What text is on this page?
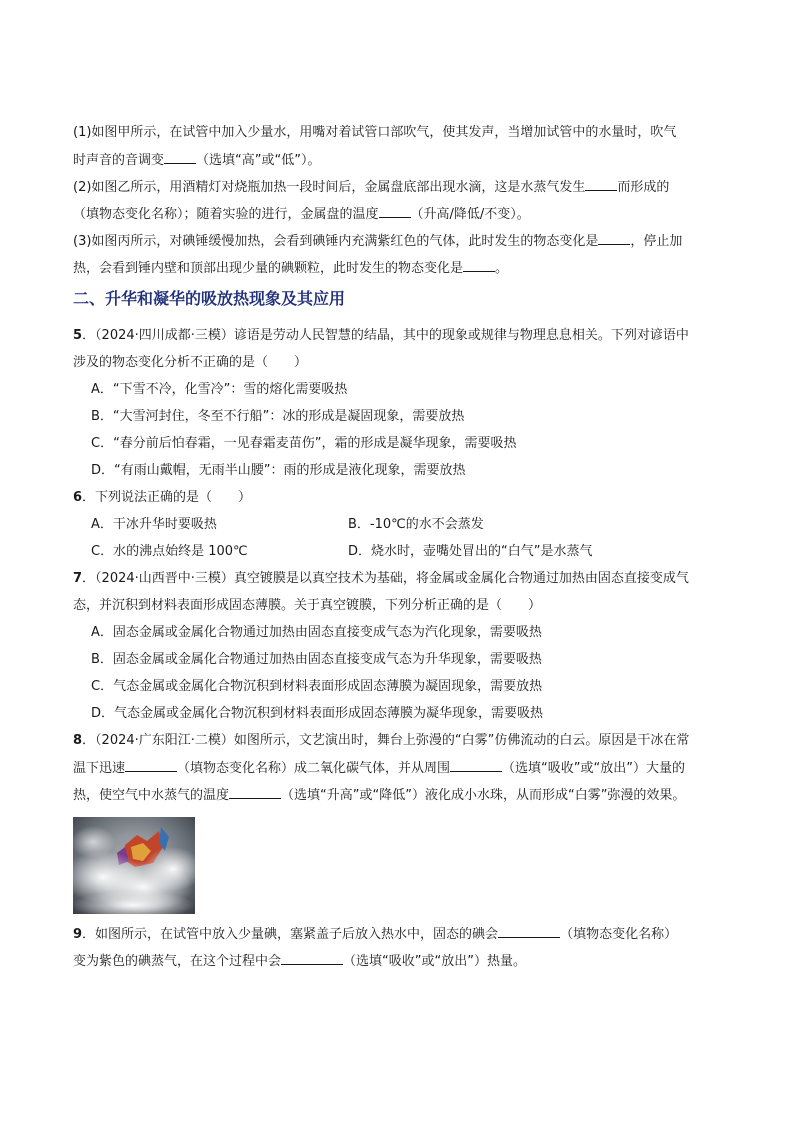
(1)如图甲所示，在试管中加入少量水，用嘴对着试管口部吹气，使其发声，当增加试管中的水量时，吹气
时声音的音调变 （选填“高”或“低”）。
(2)如图乙所示，用酒精灯对烧瓶加热一段时间后，金属盘底部出现水滴，这是水蒸气发生 而形成的
（填物态变化名称）；随着实验的进行，金属盘的温度 （升高/降低/不变）。
(3)如图丙所示，对碘锤缓慢加热，会看到碘锤内充满紫红色的气体，此时发生的物态变化是 ，停止加
热，会看到锤内壁和顶部出现少量的碘颗粒，此时发生的物态变化是 。
二、升华和凝华的吸放热现象及其应用
5．（2024·四川成都·三模）谚语是劳动人民智慧的结晶，其中的现象或规律与物理息息相关。下列对谚语中
涉及的物态变化分析不正确的是（　　）
A．“下雪不冷，化雪冷”：雪的熔化需要吸热
B．“大雪河封住，冬至不行船”：冰的形成是凝固现象，需要放热
C．“春分前后怕春霜，一见春霜麦苗伤”，霜的形成是凝华现象，需要吸热
D．“有雨山戴帽，无雨半山腰”：雨的形成是液化现象，需要放热
6．下列说法正确的是（　　）
A．干冰升华时要吸热	B．-10℃的水不会蒸发
C．水的沸点始终是 100℃	D．烧水时，壶嘴处冒出的“白气”是水蒸气
7．（2024·山西晋中·三模）真空镀膜是以真空技术为基础，将金属或金属化合物通过加热由固态直接变成气
态，并沉积到材料表面形成固态薄膜。关于真空镀膜，下列分析正确的是（　　）
A．固态金属或金属化合物通过加热由固态直接变成气态为汽化现象，需要吸热
B．固态金属或金属化合物通过加热由固态直接变成气态为升华现象，需要吸热
C．气态金属或金属化合物沉积到材料表面形成固态薄膜为凝固现象，需要放热
D．气态金属或金属化合物沉积到材料表面形成固态薄膜为凝华现象，需要吸热
8．（2024·广东阳江·二模）如图所示，文艺演出时，舞台上弥漫的“白雾”仿佛流动的白云。原因是干冰在常
温下迅速	（填物态变化名称）成二氧化碳气体，并从周围	（选填“吸收”或“放出”）大量的
热，使空气中水蒸气的温度	（选填“升高”或“降低”）液化成小水珠，从而形成“白雾”弥漫的效果。
9．如图所示，在试管中放入少量碘，塞紧盖子后放入热水中，固态的碘会	（填物态变化名称）
变为紫色的碘蒸气，在这个过程中会	（选填“吸收”或“放出”）热量。
